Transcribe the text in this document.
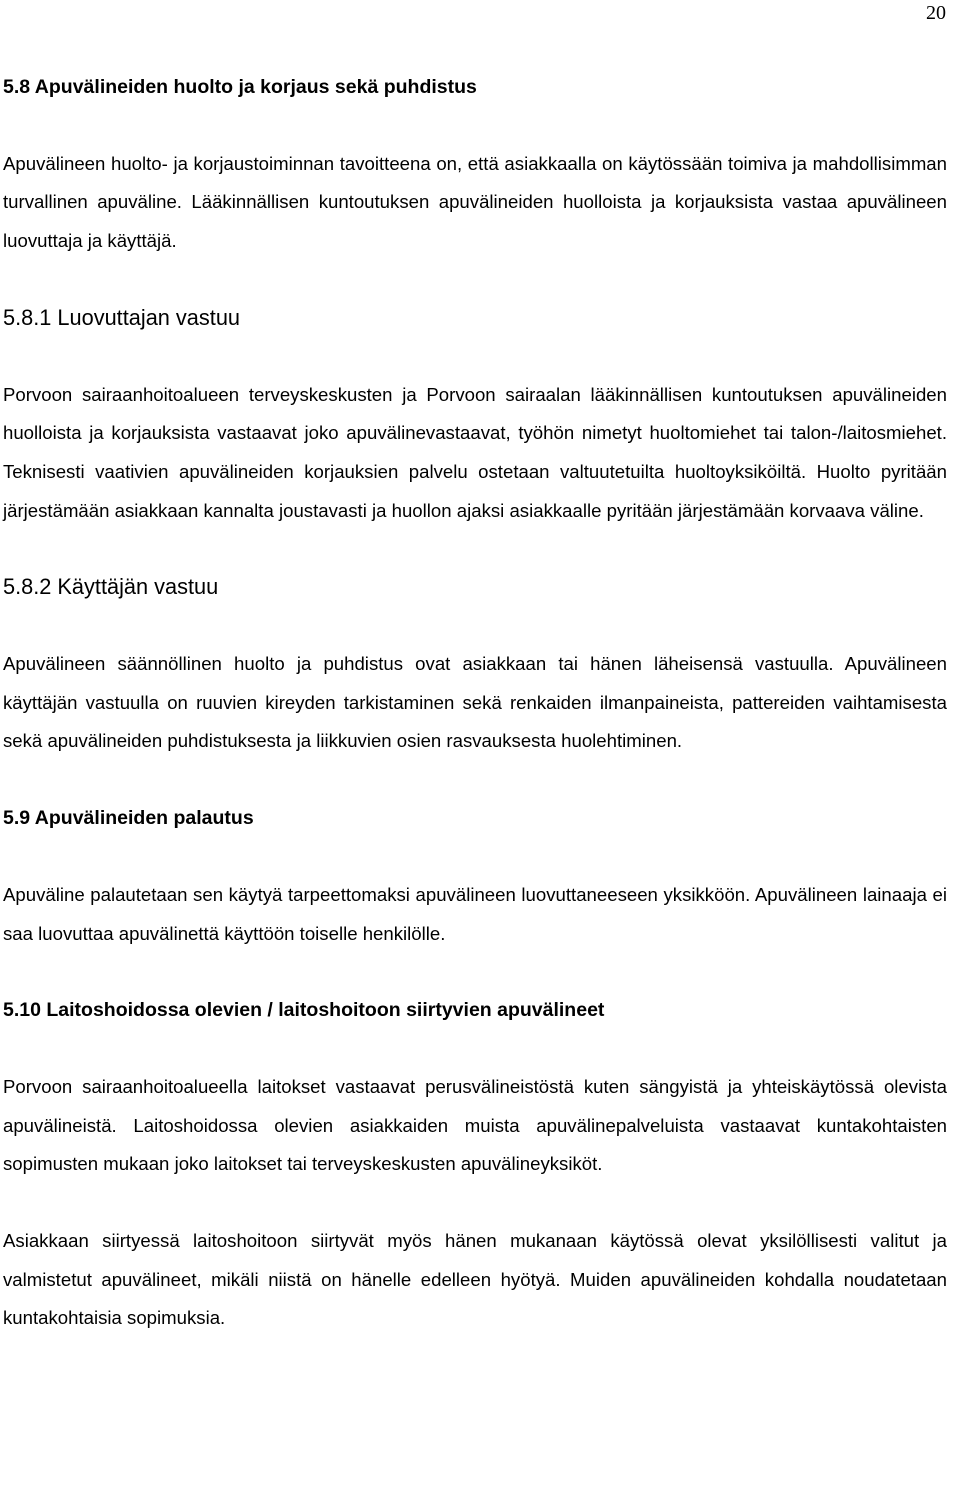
20
5.8 Apuvälineiden huolto ja korjaus sekä puhdistus

Apuvälineen huolto- ja korjaustoiminnan tavoitteena on, että asiakkaalla on käytössään toimiva ja mahdollisimman turvallinen apuväline. Lääkinnällisen kuntoutuksen apuvälineiden huolloista ja korjauksista vastaa apuvälineen luovuttaja ja käyttäjä.

5.8.1 Luovuttajan vastuu

Porvoon sairaanhoitoalueen terveyskeskusten ja Porvoon sairaalan lääkinnällisen kuntoutuksen apuvälineiden huolloista ja korjauksista vastaavat joko apuvälinevastaavat, työhön nimetyt huoltomiehet tai talon-/laitosmiehet. Teknisesti vaativien apuvälineiden korjauksien palvelu ostetaan valtuutetuilta huoltoyksiköiltä. Huolto pyritään järjestämään asiakkaan kannalta joustavasti ja huollon ajaksi asiakkaalle pyritään järjestämään korvaava väline.

5.8.2 Käyttäjän vastuu

Apuvälineen säännöllinen huolto ja puhdistus ovat asiakkaan tai hänen läheisensä vastuulla. Apuvälineen käyttäjän vastuulla on ruuvien kireyden tarkistaminen sekä renkaiden ilmanpaineista, pattereiden vaihtamisesta sekä apuvälineiden puhdistuksesta ja liikkuvien osien rasvauksesta huolehtiminen.

5.9 Apuvälineiden palautus

Apuväline palautetaan sen käytyä tarpeettomaksi apuvälineen luovuttaneeseen yksikköön. Apuvälineen lainaaja ei saa luovuttaa apuvälinettä käyttöön toiselle henkilölle.

5.10 Laitoshoidossa olevien / laitoshoitoon siirtyvien apuvälineet

Porvoon sairaanhoitoalueella laitokset vastaavat perusvälineistöstä kuten sängyistä ja yhteiskäytössä olevista apuvälineistä. Laitoshoidossa olevien asiakkaiden muista apuvälinepalveluista vastaavat kuntakohtaisten sopimusten mukaan joko laitokset tai terveyskeskusten apuvälineyksiköt.

Asiakkaan siirtyessä laitoshoitoon siirtyvät myös hänen mukanaan käytössä olevat yksilöllisesti valitut ja valmistetut apuvälineet, mikäli niistä on hänelle edelleen hyötyä. Muiden apuvälineiden kohdalla noudatetaan kuntakohtaisia sopimuksia.
